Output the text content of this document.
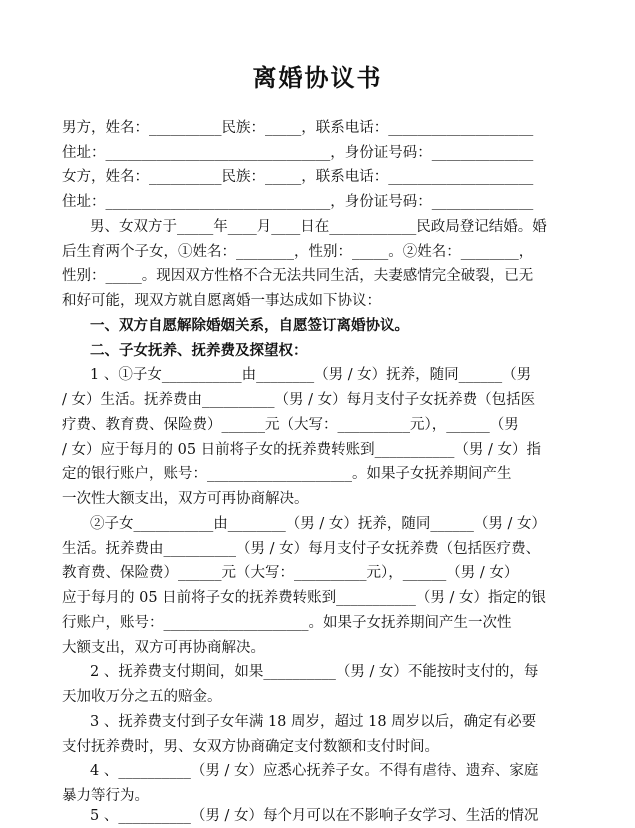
离婚协议书
男方，姓名：__________民族：_____，联系电话：____________________
住址：_______________________________，身份证号码：______________
女方，姓名：__________民族：_____，联系电话：____________________
住址：_______________________________，身份证号码：______________
男、女双方于_____年____月____日在____________民政局登记结婚。婚
后生育两个子女，①姓名：________，性别：_____。②姓名：________，
性别：_____。现因双方性格不合无法共同生活，夫妻感情完全破裂，已无
和好可能，现双方就自愿离婚一事达成如下协议：
一、双方自愿解除婚姻关系，自愿签订离婚协议。
二、子女抚养、抚养费及探望权：
1 、①子女___________由________（男 / 女）抚养，随同______（男
/ 女）生活。抚养费由__________（男 / 女）每月支付子女抚养费（包括医
疗费、教育费、保险费）______元（大写：__________元），______（男
/ 女）应于每月的 05 日前将子女的抚养费转账到___________（男 / 女）指
定的银行账户，账号：____________________。如果子女抚养期间产生
一次性大额支出，双方可再协商解决。
②子女___________由________（男 / 女）抚养，随同______（男 / 女）
生活。抚养费由__________（男 / 女）每月支付子女抚养费（包括医疗费、
教育费、保险费）______元（大写：__________元），______（男 / 女）
应于每月的 05 日前将子女的抚养费转账到___________（男 / 女）指定的银
行账户，账号：____________________。如果子女抚养期间产生一次性
大额支出，双方可再协商解决。
2 、抚养费支付期间，如果__________（男 / 女）不能按时支付的，每
天加收万分之五的赔金。
3 、抚养费支付到子女年满 18 周岁，超过 18 周岁以后，确定有必要
支付抚养费时，男、女双方协商确定支付数额和支付时间。
4 、__________（男 / 女）应悉心抚养子女。不得有虐待、遗弃、家庭
暴力等行为。
5 、__________（男 / 女）每个月可以在不影响子女学习、生活的情况
